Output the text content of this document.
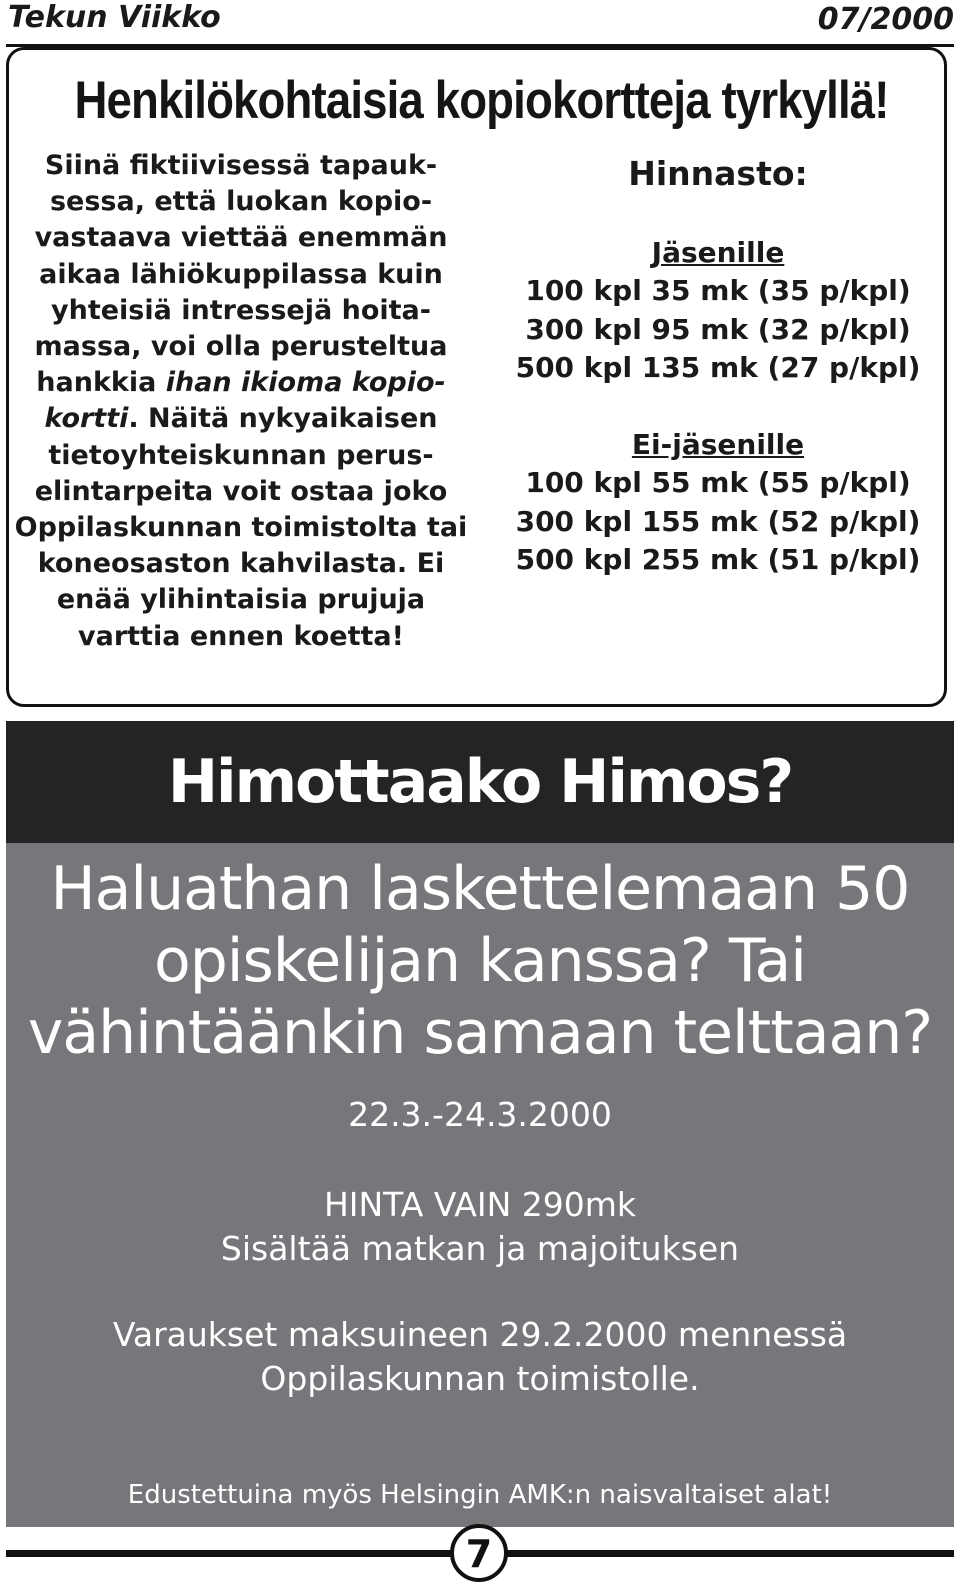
Tekun Viikko	07/2000
Henkilökohtaisia kopiokortteja tyrkyllä!

Siinä fiktiivisessä tapauk-

sessa, että luokan kopio-

vastaava viettää enemmän

aikaa lähiökuppilassa kuin

yhteisiä intressejä hoita-

massa, voi olla perusteltua

hankkia ihan ikioma kopio-

kortti. Näitä nykyaikaisen

tietoyhteiskunnan perus-

elintarpeita voit ostaa joko

Oppilaskunnan toimistolta tai

koneosaston kahvilasta. Ei

enää ylihintaisia prujuja

varttia ennen koetta!

Hinnasto:
Jäsenille
100 kpl 35 mk (35 p/kpl)
300 kpl 95 mk (32 p/kpl)
500 kpl 135 mk (27 p/kpl)
Ei-jäsenille
100 kpl 55 mk (55 p/kpl)
300 kpl 155 mk (52 p/kpl)
500 kpl 255 mk (51 p/kpl)
Himottaako Himos?
Haluathan laskettelemaan 50
opiskelijan kanssa? Tai
vähintäänkin samaan telttaan?
22.3.-24.3.2000
HINTA VAIN 290mk
Sisältää matkan ja majoituksen
Varaukset maksuineen 29.2.2000 mennessä
Oppilaskunnan toimistolle.
Edustettuina myös Helsingin AMK:n naisvaltaiset alat!
7
